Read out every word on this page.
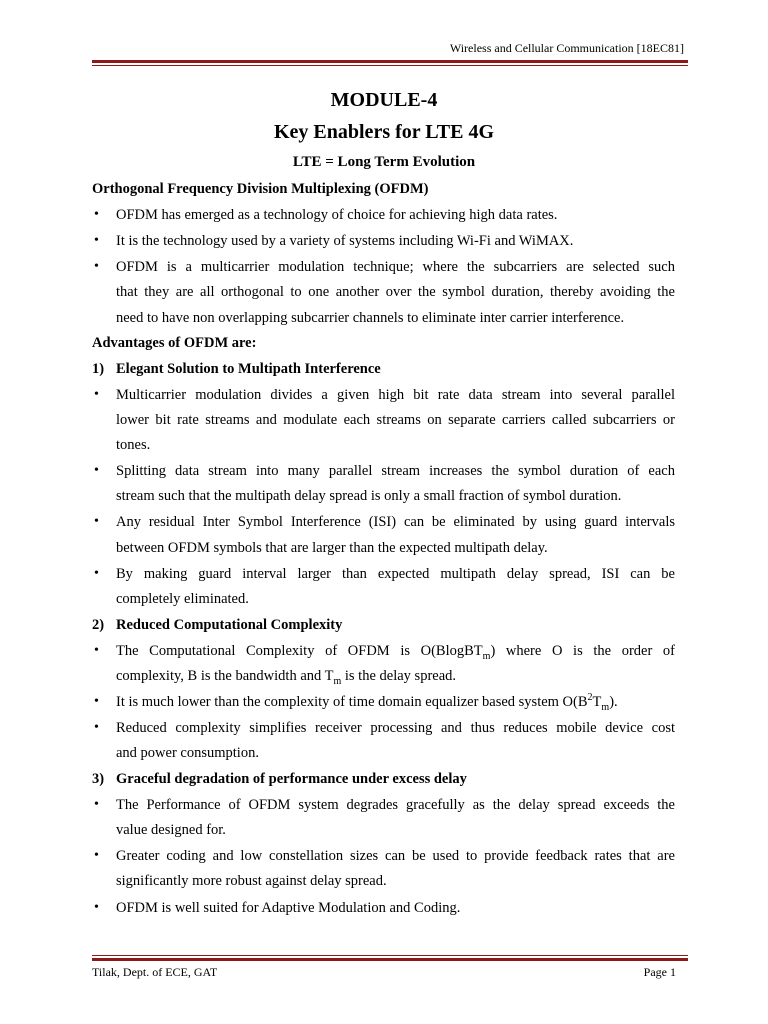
Wireless and Cellular Communication [18EC81]
MODULE-4
Key Enablers for LTE 4G
LTE = Long Term Evolution
Orthogonal Frequency Division Multiplexing (OFDM)
• OFDM has emerged as a technology of choice for achieving high data rates.
• It is the technology used by a variety of systems including Wi-Fi and WiMAX.
• OFDM is a multicarrier modulation technique; where the subcarriers are selected such
that they are all orthogonal to one another over the symbol duration, thereby avoiding the
need to have non overlapping subcarrier channels to eliminate inter carrier interference.
Advantages of OFDM are:
1) Elegant Solution to Multipath Interference
• Multicarrier modulation divides a given high bit rate data stream into several parallel
lower bit rate streams and modulate each streams on separate carriers called subcarriers or
tones.
• Splitting data stream into many parallel stream increases the symbol duration of each
stream such that the multipath delay spread is only a small fraction of symbol duration.
• Any residual Inter Symbol Interference (ISI) can be eliminated by using guard intervals
between OFDM symbols that are larger than the expected multipath delay.
• By making guard interval larger than expected multipath delay spread, ISI can be
completely eliminated.
2) Reduced Computational Complexity
• The Computational Complexity of OFDM is O(BlogBT$_m$) where O is the order of
complexity, B is the bandwidth and $T_m$ is the delay spread.
• It is much lower than the complexity of time domain equalizer based system $O(B^2T_m)$.
• Reduced complexity simplifies receiver processing and thus reduces mobile device cost
and power consumption.
3) Graceful degradation of performance under excess delay
• The Performance of OFDM system degrades gracefully as the delay spread exceeds the
value designed for.
• Greater coding and low constellation sizes can be used to provide feedback rates that are
significantly more robust against delay spread.
• OFDM is well suited for Adaptive Modulation and Coding.
Tilak, Dept. of ECE, GAT	Page 1
